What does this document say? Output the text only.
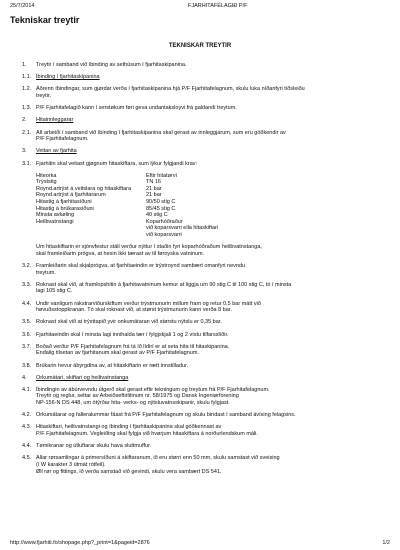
25/7/2014	FJARHITAFÉLAGIÐ P/F
Tekniskar treytir
TEKNISKAR TREYTIR
1.	Treytir í samband við íbinding av sethúsum í fjarhitaskipanina.
1.1. Íbinding í fjarhitaskipanina
1.2. Áðrenn íbindingar, sum gjørdar verða í fjarhitaskipanina hjá P/F Fjarhitafelagnum, skulu luka níðanfyri tíðsleiðu
treytir.
1.3. P/F Fjarhitafelagið kann í serstøkum føri geva undantaksloyvi frá galdandi treytum.
2.	Hitainnleggarar
2.1. Alt arbeiði í samband við íbinding í fjarhitaskipanina skal gerast av innleggjarum, sum eru góðkendir av
P/F Fjarhitafelagnum.
3.	Veitan av fjarhita
3.1. Fjarhitin skal veitast gjøgnum hitaskiftara, sum lýkur fylgjandi krav:
Hiteorka	Eftir hitatørvi
Trýststig	TN 16
Roynd.artrýst á veitslara og hitaskiftara	21 bar
Roynd.artrýst á fjarhitararum	21 bar
Hitastig á fjarhitasíðuni	90/50 stig C
Hitastig á brúkarasíðuni	85/45 stig C
Minsta avkøling	40 stig C
Heilbvatnstangi	Koparhóðraður
við koparsvarri ella hitaskiftari
við koparsvarri
Um hitaskiftarin er sjónvfestur stáli verður nýttur í staðin fyri koparhóðraðum heilbvatnstanga,
skal framleiðarin prógva, at hesin ikki tærast av til føroyska vatninum.
3.2. Framleiðarin skal skjalprógva, at fjarhitaeindin er trýstroynd sambært omanfyri nevndu
treytum.
3.3. Roknast skal við, at framlopshitin á fjarhitavatninum kemur at liggja um 90 stig C til 100 stig C, tó í minsta
lagi 105 stig C.
4.4. Undir vanligum rakstrarviðurskiftum verður trýstmunurin millum fram og retur 0,5 bar mátt við
høvuðsstoppkranan. Tó skal roknast við, at størst trýstmunurin kann verða 8 bar.
3.5. Roknast skal við at trýsttapið yvir onkumátaran við størstu nýtslu er 0,35 bar.
3.6. Fjarhitaeindin skal í minsta lagi innihalda tær í fylgjskjali 1 og 2 vístu tilfarsslíðir.
3.7. Boðað verður P/F Fjarhitafelagnum frá tá íð lídirí er at seta hita til hitaskipanina.
Endalig tilsetan av fjarhitanum skal gerast av P/F Fjarhitafelagnum.
3.8. Brúkarin hevur ábyrgdina av, at hitaskiftarin er rætt innstilladur.
4.	Orkumátari, skiftari og heiltvatnstanga
4.1. Íbindingin av ábúrvevndu útgerð skal gerast eftir tekningum og treytum frá P/F Fjarhitafelagnum.
Treytir og reglur, settar av Arbeiðseftirlitinum nr. 58/1975 og Dansk Ingeniørforening
NP-156-N DS 448, um ótýrðar hita- verks- og nýtsluvatnsskipanir, skulu fylgjast.
4.2. Orkumátarar og falleralummar fáast frá P/F Fjarhitafelagnum og skulu bindast í samband ávísing felagsins.
4.3. Hitaskiftari, heiltvatnstangi og íbinding í fjarhitaskipanina skal góðkennast av
P/F Fjarhitafelagnum. Vegleiðing skal fylgja við hvørjum hitaskiftara á norðurlendskum máli.
4.4. Tømikranar og útluftarar skulu hava sluttmuffur.
4.5. Allar rørsamlingar á primersíðuni á skiftaranum, ið eru størri enn 50 mm, skulu samstast við sveising
(í W karakter 3 útmát rótfeil).
Øll rør og fittings, ið verða samstað við gevindi, skulu vera sambært DS 541.
http://www.fjarhiti.fo/shopage.php?_print=1&pageid=2876	1/2
